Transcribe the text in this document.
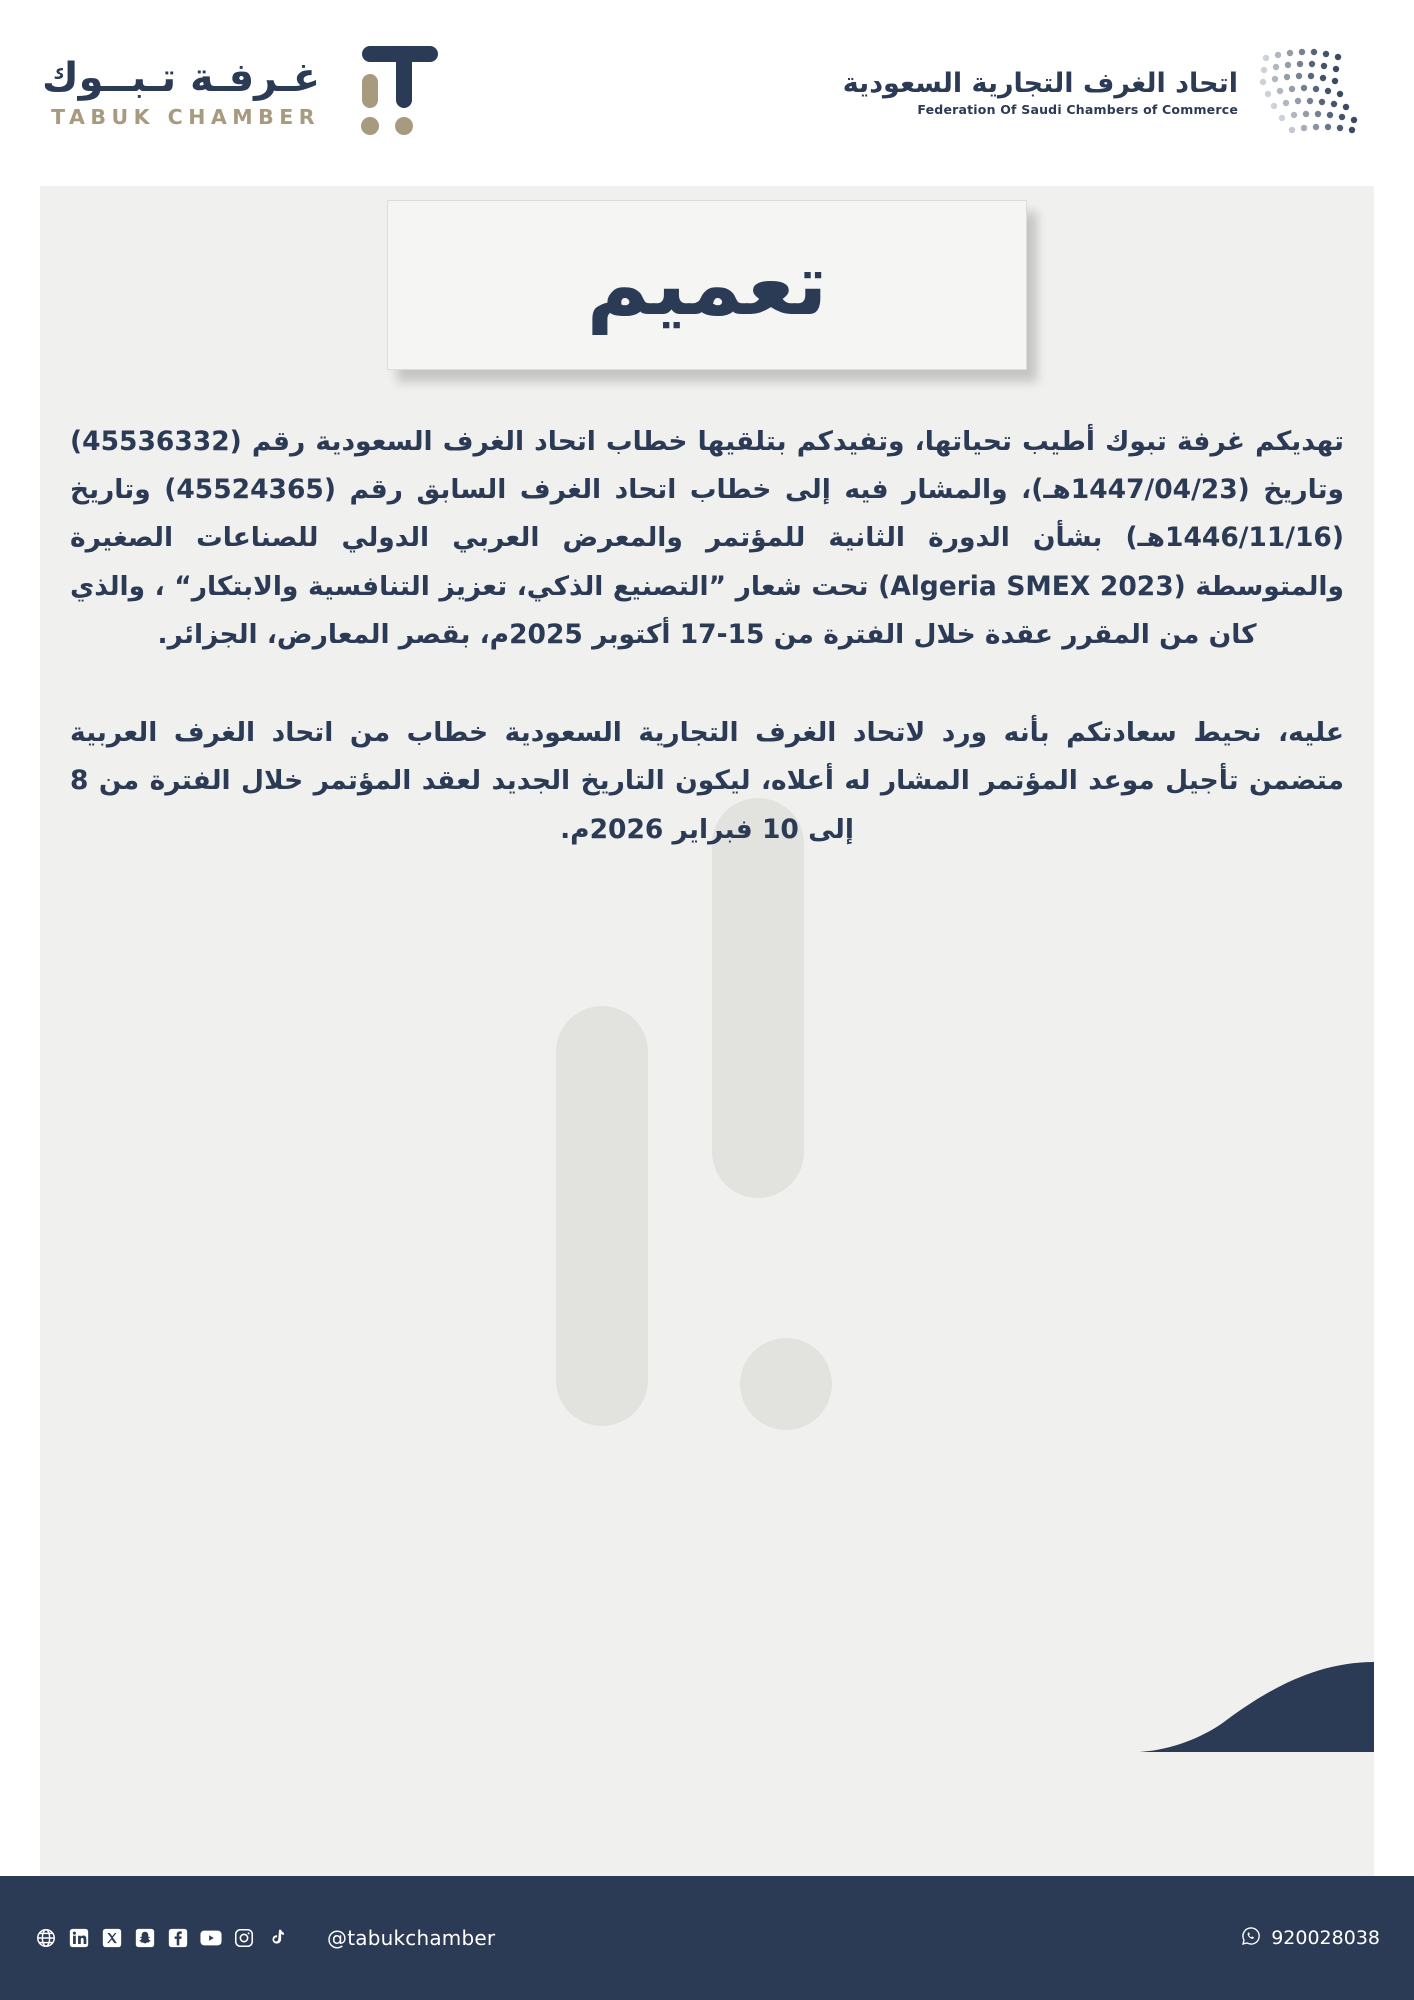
اتحاد الغرف التجارية السعودية
Federation Of Saudi Chambers of Commerce
غـرفـة تـبــوك
TABUK CHAMBER
تعميم

تهديكم غرفة تبوك أطيب تحياتها، وتفيدكم بتلقيها خطاب اتحاد الغرف السعودية رقم (45536332) وتاريخ (1447/04/23هـ)، والمشار فيه إلى خطاب اتحاد الغرف السابق رقم (45524365) وتاريخ (1446/11/16هـ) بشأن الدورة الثانية للمؤتمر والمعرض العربي الدولي للصناعات الصغيرة والمتوسطة (Algeria SMEX 2023) تحت شعار ”التصنيع الذكي، تعزيز التنافسية والابتكار“ ، والذي كان من المقرر عقدة خلال الفترة من 15-17 أكتوبر 2025م، بقصر المعارض، الجزائر.

عليه، نحيط سعادتكم بأنه ورد لاتحاد الغرف التجارية السعودية خطاب من اتحاد الغرف العربية متضمن تأجيل موعد المؤتمر المشار له أعلاه، ليكون التاريخ الجديد لعقد المؤتمر خلال الفترة من 8 إلى 10 فبراير 2026م.

@tabukchamber	920028038
